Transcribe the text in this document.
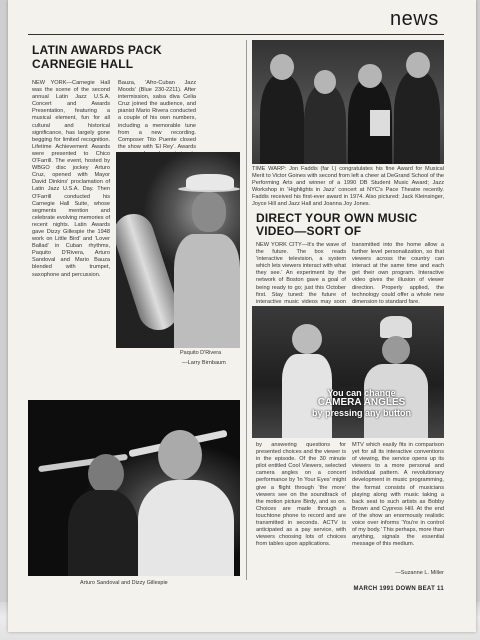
news
LATIN AWARDS PACK
CARNEGIE HALL
NEW YORK—Carnegie Hall was the scene of the second annual Latin Jazz U.S.A. Concert and Awards Presentation, featuring a musical element, fun for all cultural and historical significance, has largely gone begging for limited recognition. Lifetime Achievement Awards were presented to Chico O'Farrill. The event, hosted by WBGO disc jockey Arturo Cruz, opened with Mayor David Dinkins' proclamation of Latin Jazz U.S.A. Day. Then O'Farrill conducted his Carnegie Hall Suite, whose segments mention and celebrate evolving memories of recent nights. Latin Awards gave Dizzy Gillespie the 1948 work on Little Bird' and ‘Lover Ballad’ in Cuban rhythms, Paquito D'Rivera, Arturo Sandoval and Mario Bauza blended with trumpet, saxophone and percussion.
Bauza, ‘Afro-Cuban Jazz Moods’ (Blue 230-2211). After intermission, salsa diva Celia Cruz joined the audience, and pianist Mario Rivera conducted a couple of his own numbers, including a memorable tune from a new recording. Composer Tito Puente closed the show with ‘El Rey’. Awards
Paquito D'Rivera
—Larry Birnbaum
Arturo Sandoval and Dizzy Gillespie
TIME WARP: Jon Faddis (far l.) congratulates his fine Award for Musical Merit to Victor Goines with second from left a cheer at DeGrand School of the Performing Arts and winner of a 1990 DB Student Music Award; Jazz Workshop in ‘Highlights in Jazz’ concert at NYC's Pace Theatre recently. Faddis received his first-ever award in 1974. Also pictured: Jack Kleinsinger, Joyce Hill and Jazz Hall and Joanna Joy Jones.
DIRECT YOUR OWN MUSIC
VIDEO—SORT OF
NEW YORK CITY—It's the wave of the future. The box reads ‘interactive television, a system which lets viewers interact with what they see.’ An experiment by the network of Boston gave a goal of being ready to go; just this October first. Stay tuned: the future of interactive music videos may soon
transmitted into the home allow a further level personalization, so that viewers across the country can interact at the same time and each get their own program. Interactive video gives the illusion of viewer direction. Properly applied, the technology could offer a whole new dimension to standard fare.
You can change
CAMERA ANGLES
by pressing any button
by answering questions for presented choices and the viewer is in the episode. Of the 30 minute pilot entitled Cool Viewers, selected camera angles on a concert performance by ‘In Your Eyes’ might give a flight through ‘the more’ viewers see on the soundtrack of the motion picture Birdy, and so on. Choices are made through a touchtone phone to record and are transmitted in seconds. ACTV is anticipated as a pay service, with viewers choosing lots of choices from tables upon applications.
MTV which easily fits in comparison yet for all its interactive conventions of viewing, the service opens up its viewers to a more personal and individual pattern. A revolutionary development in music programming, the format consists of musicians playing along with music taking a back seat to such artists as Bobby Brown and Cypress Hill. At the end of the show an enormously realistic voice over informs ‘You're in control of my body.’ This perhaps, more than anything, signals the essential message of this medium.
—Suzanne L. Miller
MARCH 1991 DOWN BEAT 11
